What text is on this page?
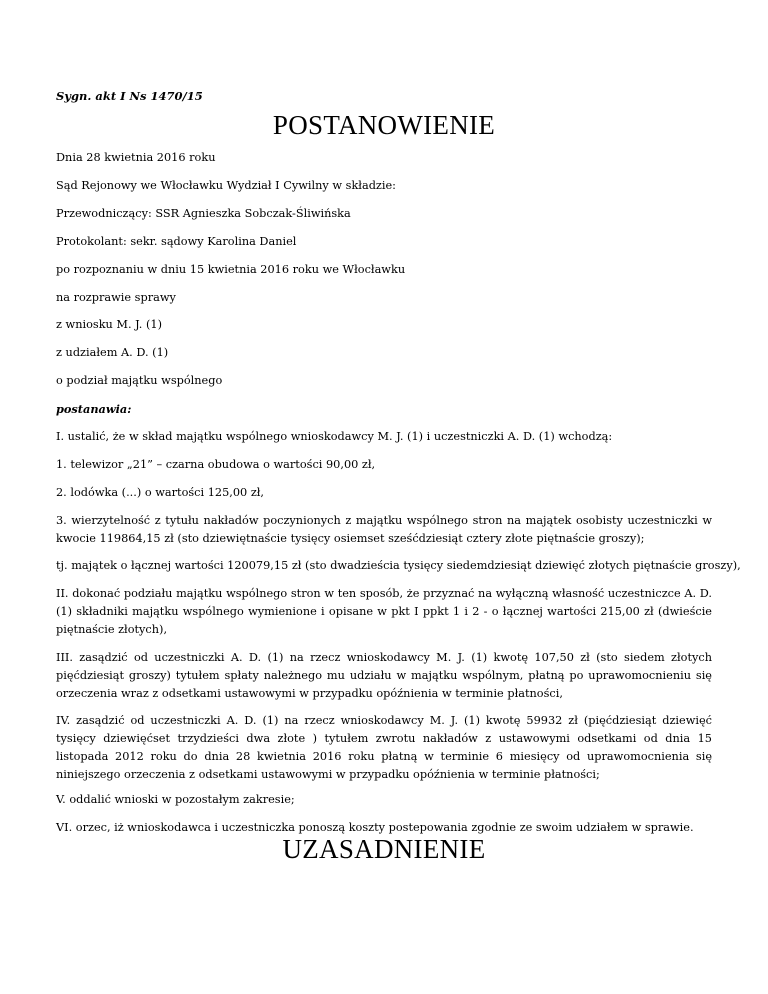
Sygn. akt I Ns 1470/15
POSTANOWIENIE
Dnia 28 kwietnia 2016 roku
Sąd Rejonowy we Włocławku Wydział I Cywilny w składzie:
Przewodniczący: SSR Agnieszka Sobczak-Śliwińska
Protokolant: sekr. sądowy Karolina Daniel
po rozpoznaniu w dniu 15 kwietnia 2016 roku we Włocławku
na rozprawie sprawy
z wniosku M. J. (1)
z udziałem A. D. (1)
o podział majątku wspólnego
postanawia:
I. ustalić, że w skład majątku wspólnego wnioskodawcy M. J. (1) i uczestniczki A. D. (1) wchodzą:
1. telewizor „21” – czarna obudowa o wartości 90,00 zł,
2. lodówka (...) o wartości 125,00 zł,
3. wierzytelność z tytułu nakładów poczynionych z majątku wspólnego stron na majątek osobisty uczestniczki w kwocie 119864,15 zł (sto dziewiętnaście tysięcy osiemset sześćdziesiąt cztery złote piętnaście groszy);
tj. majątek o łącznej wartości 120079,15 zł (sto dwadzieścia tysięcy siedemdziesiąt dziewięć złotych piętnaście groszy),
II. dokonać podziału majątku wspólnego stron w ten sposób, że przyznać na wyłączną własność uczestniczce A. D. (1) składniki majątku wspólnego wymienione i opisane w pkt I ppkt 1 i 2 - o łącznej wartości 215,00 zł (dwieście piętnaście złotych),
III. zasądzić od uczestniczki A. D. (1) na rzecz wnioskodawcy M. J. (1) kwotę 107,50 zł (sto siedem złotych pięćdziesiąt groszy) tytułem spłaty należnego mu udziału w majątku wspólnym, płatną po uprawomocnieniu się orzeczenia wraz z odsetkami ustawowymi w przypadku opóźnienia w terminie płatności,
IV. zasądzić od uczestniczki A. D. (1) na rzecz wnioskodawcy M. J. (1) kwotę 59932 zł (pięćdziesiąt dziewięć tysięcy dziewięćset trzydzieści dwa złote ) tytułem zwrotu nakładów z ustawowymi odsetkami od dnia 15 listopada 2012 roku do dnia 28 kwietnia 2016 roku płatną w terminie 6 miesięcy od uprawomocnienia się niniejszego orzeczenia z odsetkami ustawowymi w przypadku opóźnienia w terminie płatności;
V. oddalić wnioski w pozostałym zakresie;
VI. orzec, iż wnioskodawca i uczestniczka ponoszą koszty postepowania zgodnie ze swoim udziałem w sprawie.
UZASADNIENIE
